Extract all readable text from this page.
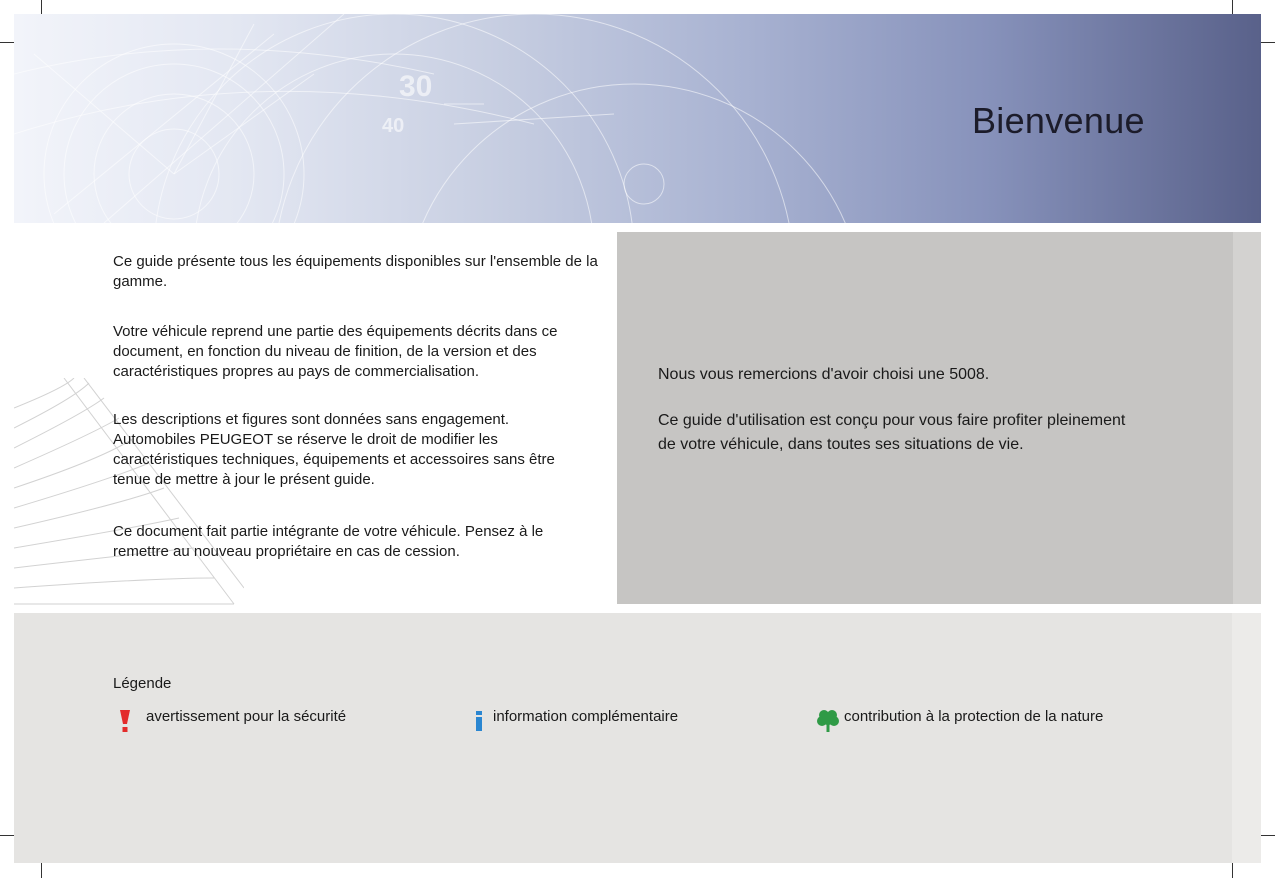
30
40	Bienvenue

Ce guide présente tous les équipements disponibles sur l'ensemble de la gamme.

Votre véhicule reprend une partie des équipements décrits dans ce document, en fonction du niveau de finition, de la version et des caractéristiques propres au pays de commercialisation.

Les descriptions et figures sont données sans engagement. Automobiles PEUGEOT se réserve le droit de modifier les caractéristiques techniques, équipements et accessoires sans être tenue de mettre à jour le présent guide.

Ce document fait partie intégrante de votre véhicule. Pensez à le remettre au nouveau propriétaire en cas de cession.

Nous vous remercions d'avoir choisi une 5008.
Ce guide d'utilisation est conçu pour vous faire profiter pleinement de votre véhicule, dans toutes ses situations de vie.
Légende
avertissement pour la sécurité	information complémentaire	contribution à la protection de la nature
